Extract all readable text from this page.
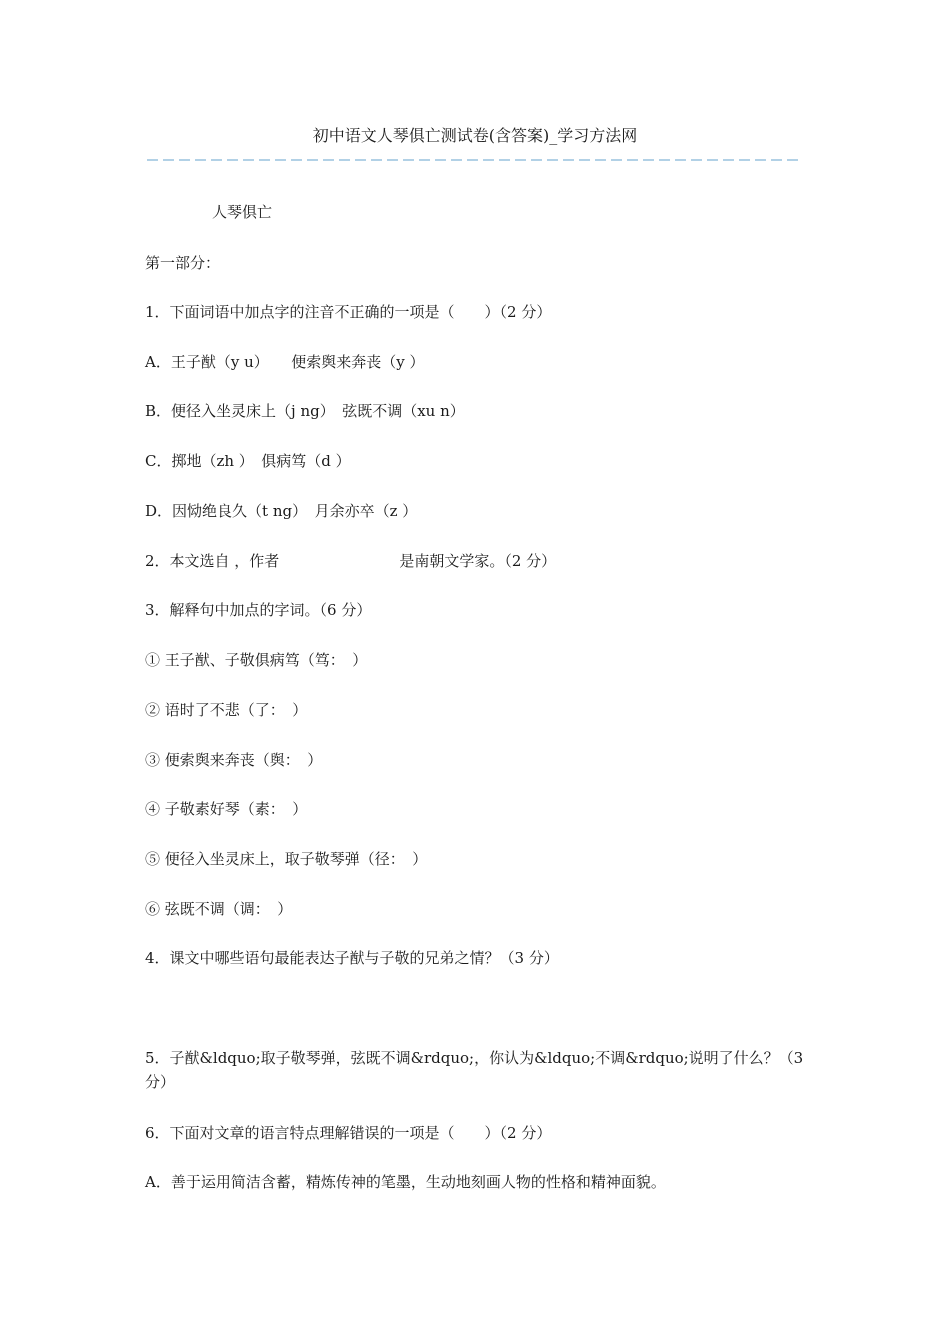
初中语文人琴俱亡测试卷(含答案)_学习方法网
人琴俱亡
第一部分：
1．下面词语中加点字的注音不正确的一项是（　　）（2 分）
A．王子猷（y u）　　便索舆来奔丧（y ）
B．便径入坐灵床上（j ng）　弦既不调（xu n）
C．掷地（zh ）　俱病笃（d ）
D．因恸绝良久（t ng）　月余亦卒（z ）
2．本文选自 ，作者　　　　　　　　是南朝文学家。（2 分）
3．解释句中加点的字词。（6 分）
① 王子猷、子敬俱病笃（笃：　）
② 语时了不悲（了：　）
③ 便索舆来奔丧（舆：　）
④ 子敬素好琴（素：　）
⑤ 便径入坐灵床上，取子敬琴弹（径：　）
⑥ 弦既不调（调：　）
4．课文中哪些语句最能表达子猷与子敬的兄弟之情？（3 分）
5．子猷&ldquo;取子敬琴弹，弦既不调&rdquo;，你认为&ldquo;不调&rdquo;说明了什么？（3 分）
6．下面对文章的语言特点理解错误的一项是（　　）（2 分）
A．善于运用简洁含蓄，精炼传神的笔墨，生动地刻画人物的性格和精神面貌。
